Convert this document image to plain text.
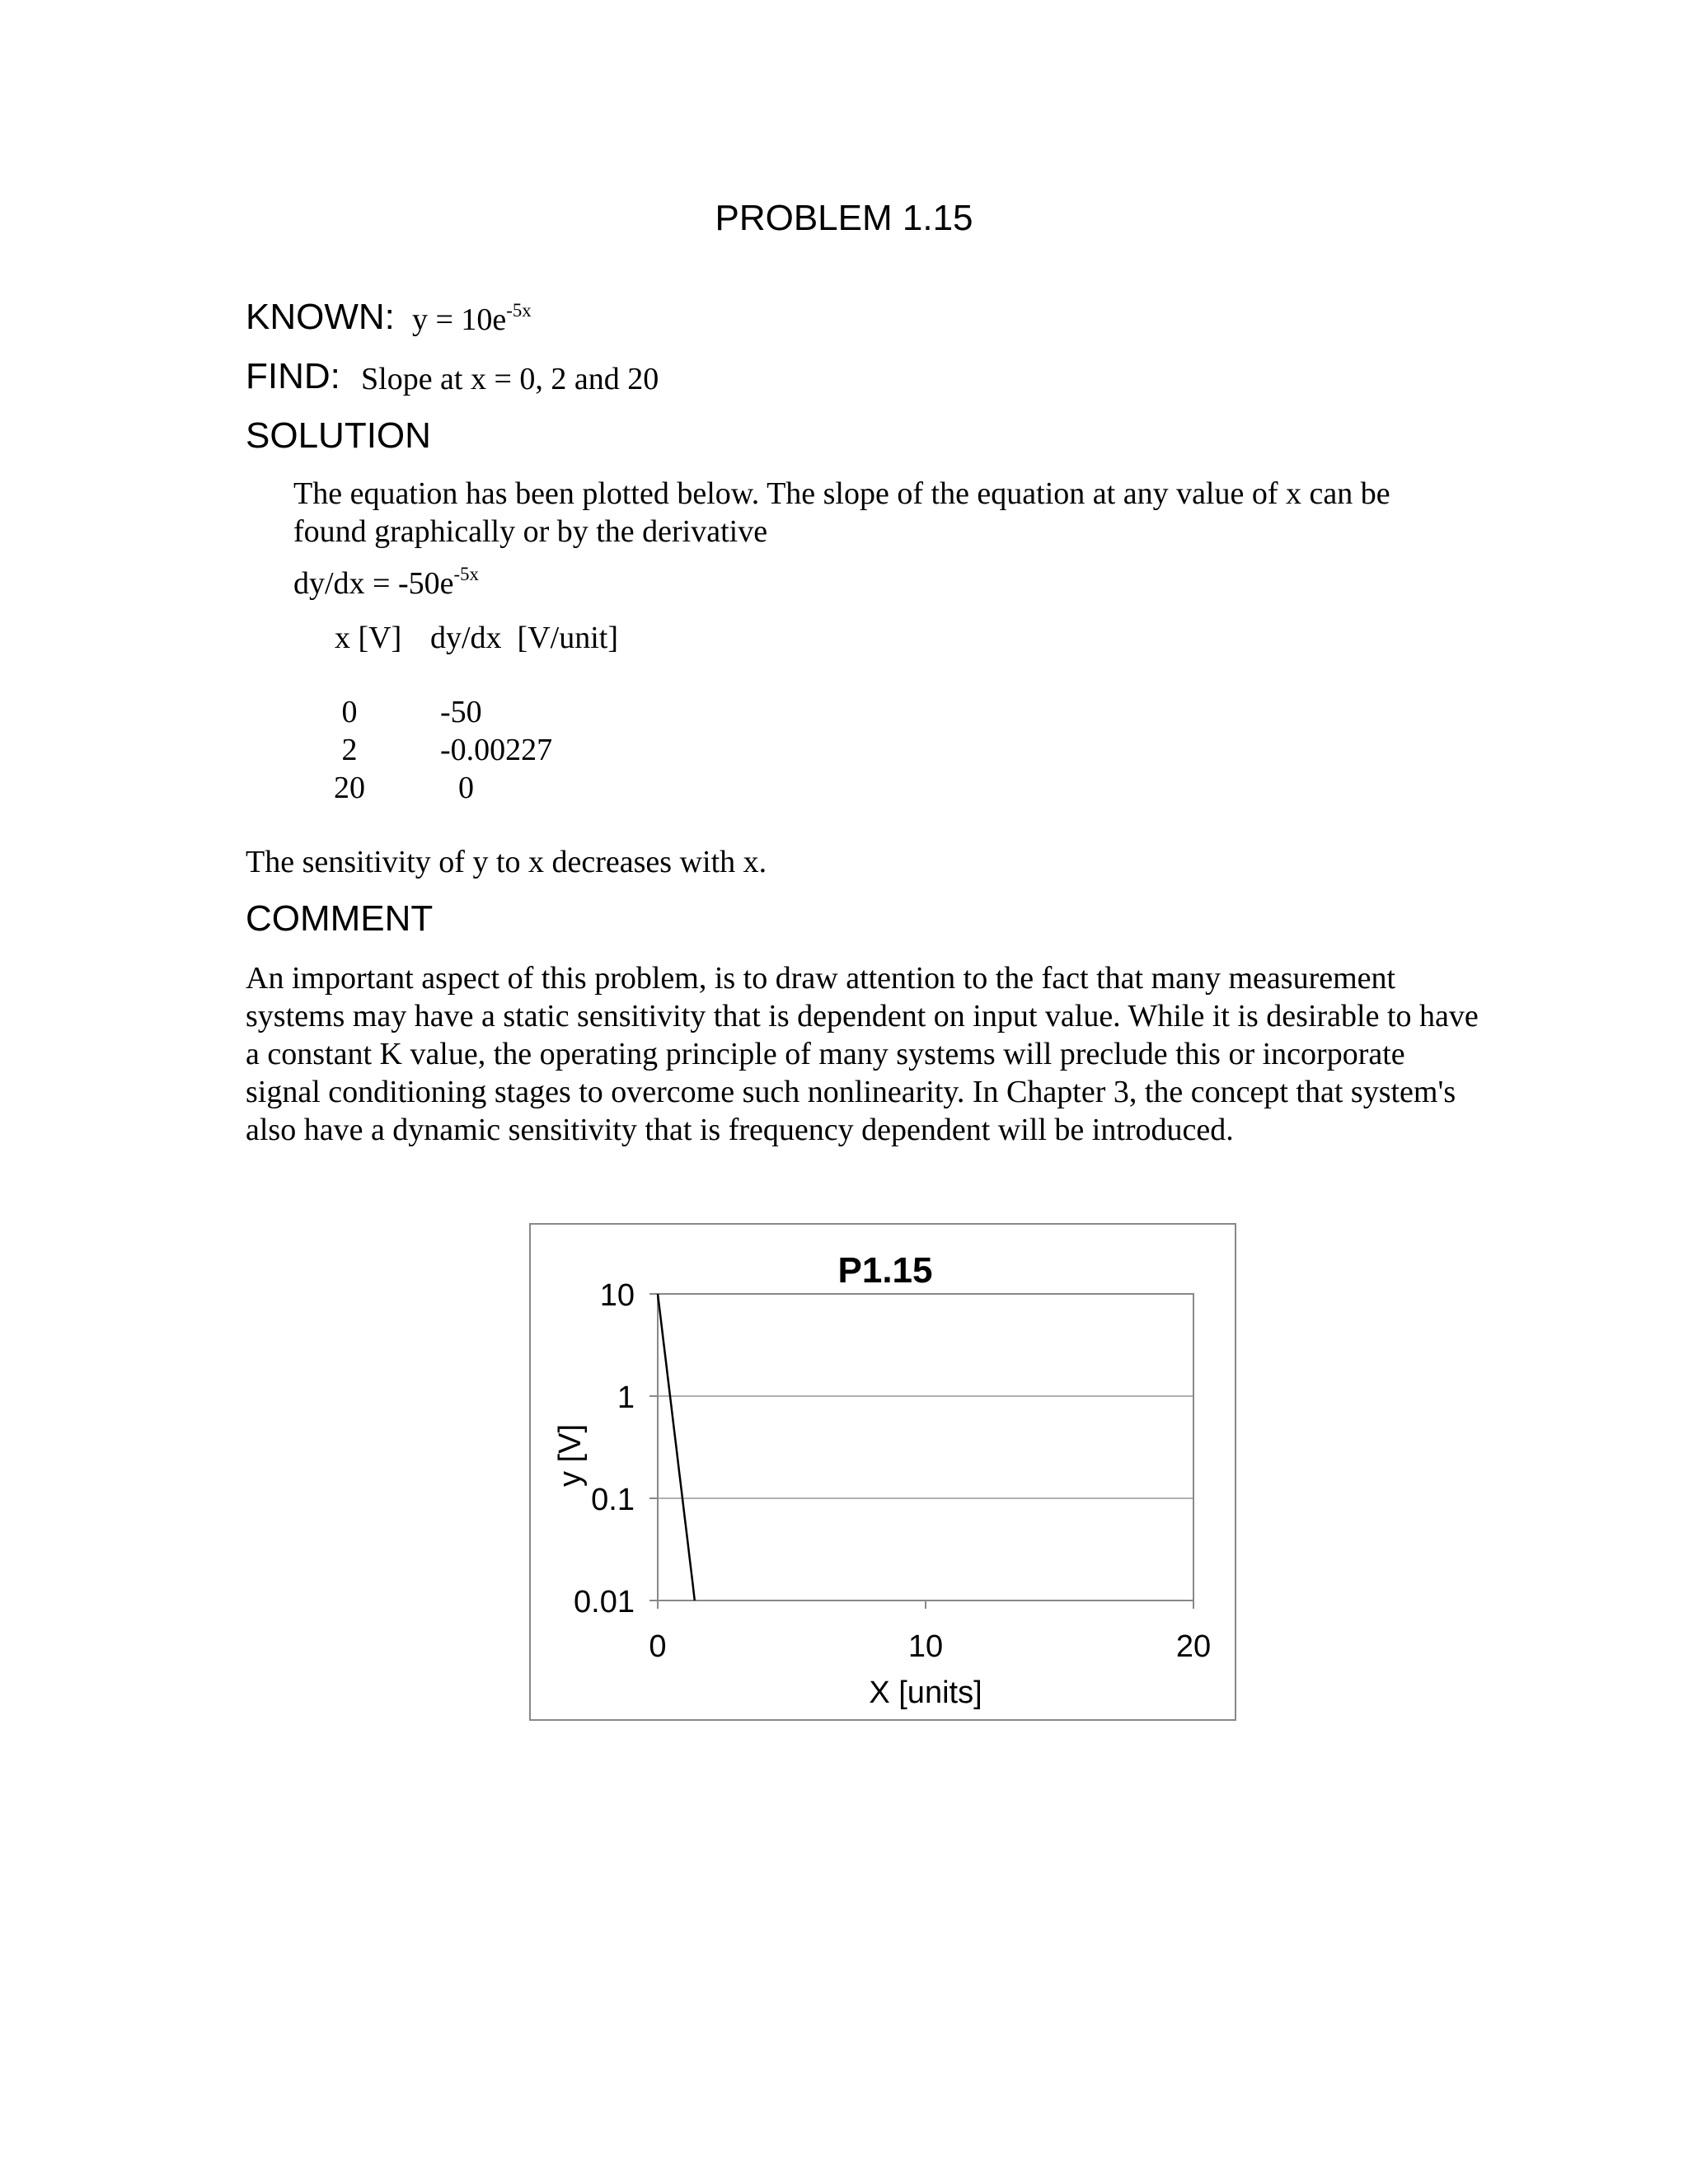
PROBLEM 1.15
KNOWN: $y = 10e^{-5x}$
FIND: Slope at x = 0, 2 and 20
SOLUTION
The equation has been plotted below. The slope of the equation at any value of x can be found graphically or by the derivative
$dy/dx = -50e^{-5x}$
x [V] dy/dx  [V/unit]
0	-50
2	-0.00227
20	0
The sensitivity of y to x decreases with x.
COMMENT
An important aspect of this problem, is to draw attention to the fact that many measurement systems may have a static sensitivity that is dependent on input value. While it is desirable to have a constant K value, the operating principle of many systems will preclude this or incorporate signal conditioning stages to overcome such nonlinearity. In Chapter 3, the concept that system's also have a dynamic sensitivity that is frequency dependent will be introduced.
P1.15
10
1
0.1
0.01
0	10	20
X [units]
y [V]
